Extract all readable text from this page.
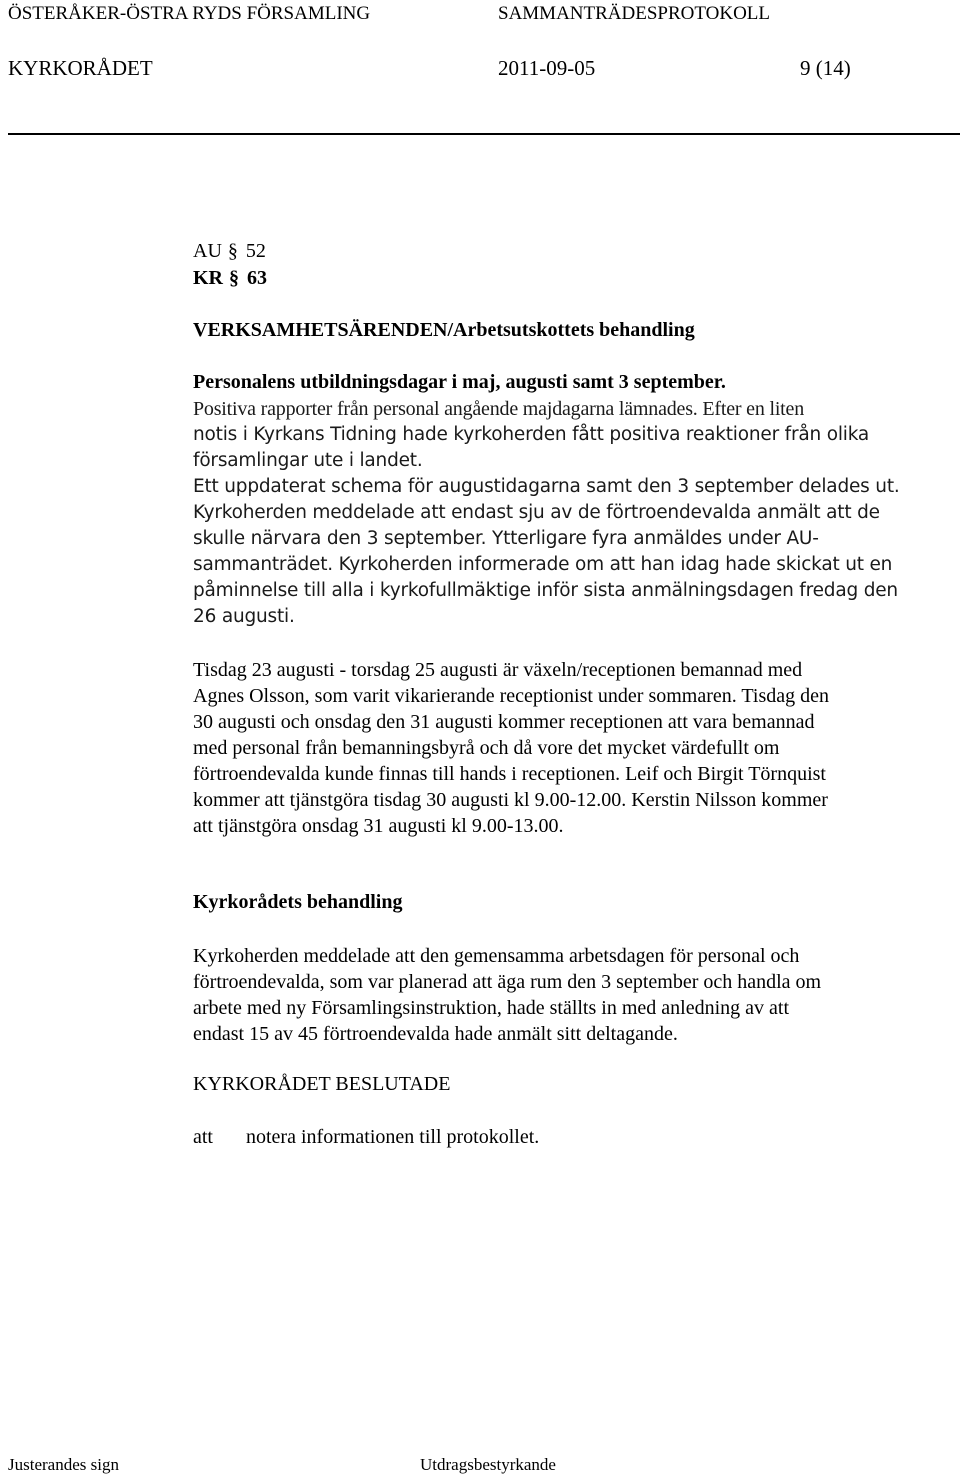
ÖSTERÅKER-ÖSTRA RYDS FÖRSAMLING	SAMMANTRÄDESPROTOKOLL
KYRKORÅDET	2011-09-05	9 (14)
AU § 52
KR § 63
VERKSAMHETSÄRENDEN/Arbetsutskottets behandling
Personalens utbildningsdagar i maj, augusti samt 3 september.
Positiva rapporter från personal angående majdagarna lämnades. Efter en liten
notis i Kyrkans Tidning hade kyrkoherden fått positiva reaktioner från olika
församlingar ute i landet.
Ett uppdaterat schema för augustidagarna samt den 3 september delades ut.
Kyrkoherden meddelade att endast sju av de förtroendevalda anmält att de
skulle närvara den 3 september. Ytterligare fyra anmäldes under AU-
sammanträdet. Kyrkoherden informerade om att han idag hade skickat ut en
påminnelse till alla i kyrkofullmäktige inför sista anmälningsdagen fredag den
26 augusti.
Tisdag 23 augusti - torsdag 25 augusti är växeln/receptionen bemannad med
Agnes Olsson, som varit vikarierande receptionist under sommaren. Tisdag den
30 augusti och onsdag den 31 augusti kommer receptionen att vara bemannad
med personal från bemanningsbyrå och då vore det mycket värdefullt om
förtroendevalda kunde finnas till hands i receptionen. Leif och Birgit Törnquist
kommer att tjänstgöra tisdag 30 augusti kl 9.00-12.00. Kerstin Nilsson kommer
att tjänstgöra onsdag 31 augusti kl 9.00-13.00.
Kyrkorådets behandling
Kyrkoherden meddelade att den gemensamma arbetsdagen för personal och
förtroendevalda, som var planerad att äga rum den 3 september och handla om
arbete med ny Församlingsinstruktion, hade ställts in med anledning av att
endast 15 av 45 förtroendevalda hade anmält sitt deltagande.
KYRKORÅDET BESLUTADE
att notera informationen till protokollet.
Justerandes sign	Utdragsbestyrkande
